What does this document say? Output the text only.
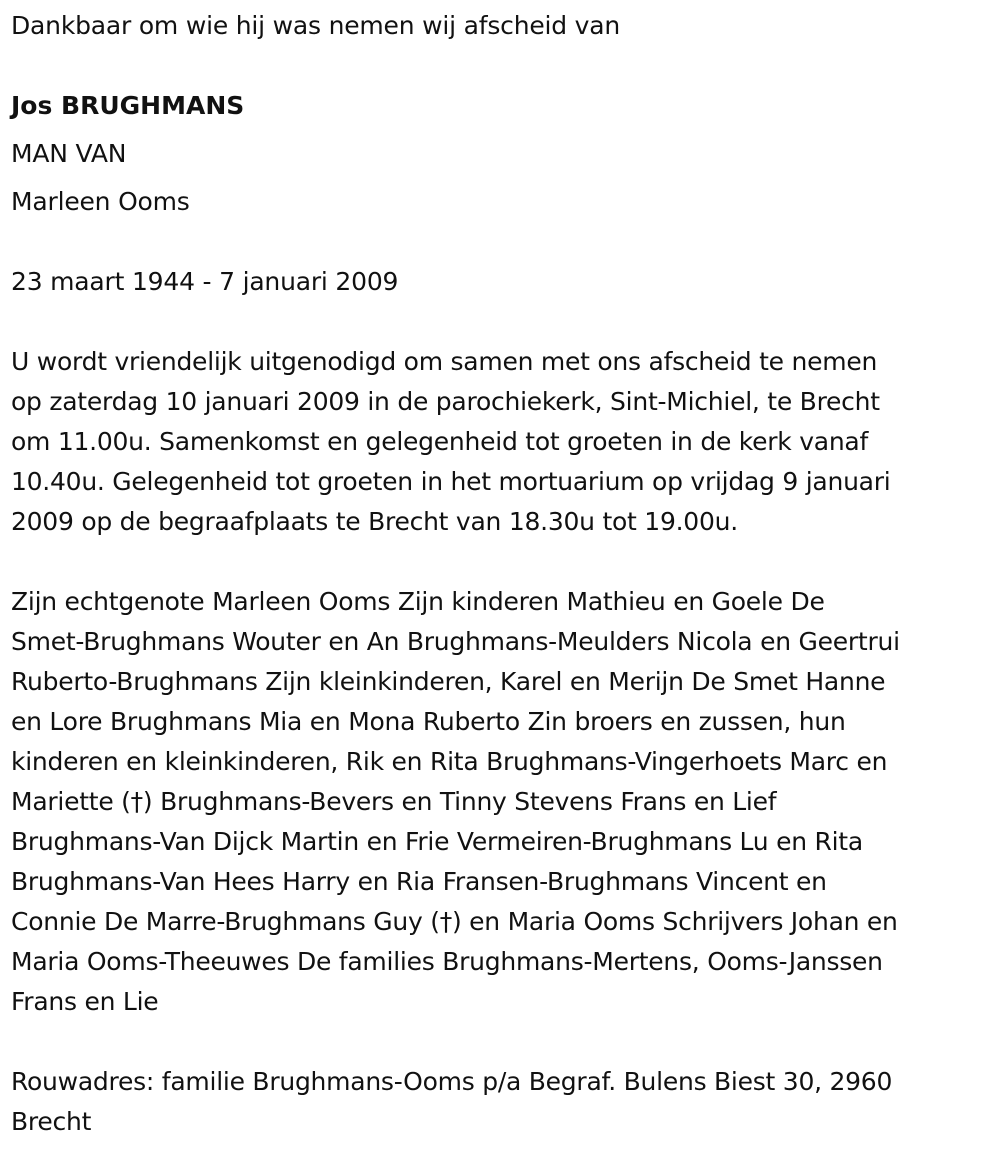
Dankbaar om wie hij was nemen wij afscheid van

Jos BRUGHMANS

MAN VAN

Marleen Ooms

23 maart 1944 - 7 januari 2009

U wordt vriendelijk uitgenodigd om samen met ons afscheid te nemen

op zaterdag 10 januari 2009 in de parochiekerk, Sint-Michiel, te Brecht

om 11.00u. Samenkomst en gelegenheid tot groeten in de kerk vanaf

10.40u. Gelegenheid tot groeten in het mortuarium op vrijdag 9 januari

2009 op de begraafplaats te Brecht van 18.30u tot 19.00u.

Zijn echtgenote Marleen Ooms Zijn kinderen Mathieu en Goele De

Smet-Brughmans Wouter en An Brughmans-Meulders Nicola en Geertrui

Ruberto-Brughmans Zijn kleinkinderen, Karel en Merijn De Smet Hanne

en Lore Brughmans Mia en Mona Ruberto Zin broers en zussen, hun

kinderen en kleinkinderen, Rik en Rita Brughmans-Vingerhoets Marc en

Mariette (†) Brughmans-Bevers en Tinny Stevens Frans en Lief

Brughmans-Van Dijck Martin en Frie Vermeiren-Brughmans Lu en Rita

Brughmans-Van Hees Harry en Ria Fransen-Brughmans Vincent en

Connie De Marre-Brughmans Guy (†) en Maria Ooms Schrijvers Johan en

Maria Ooms-Theeuwes De families Brughmans-Mertens, Ooms-Janssen

Frans en Lie

Rouwadres: familie Brughmans-Ooms p/a Begraf. Bulens Biest 30, 2960

Brecht
